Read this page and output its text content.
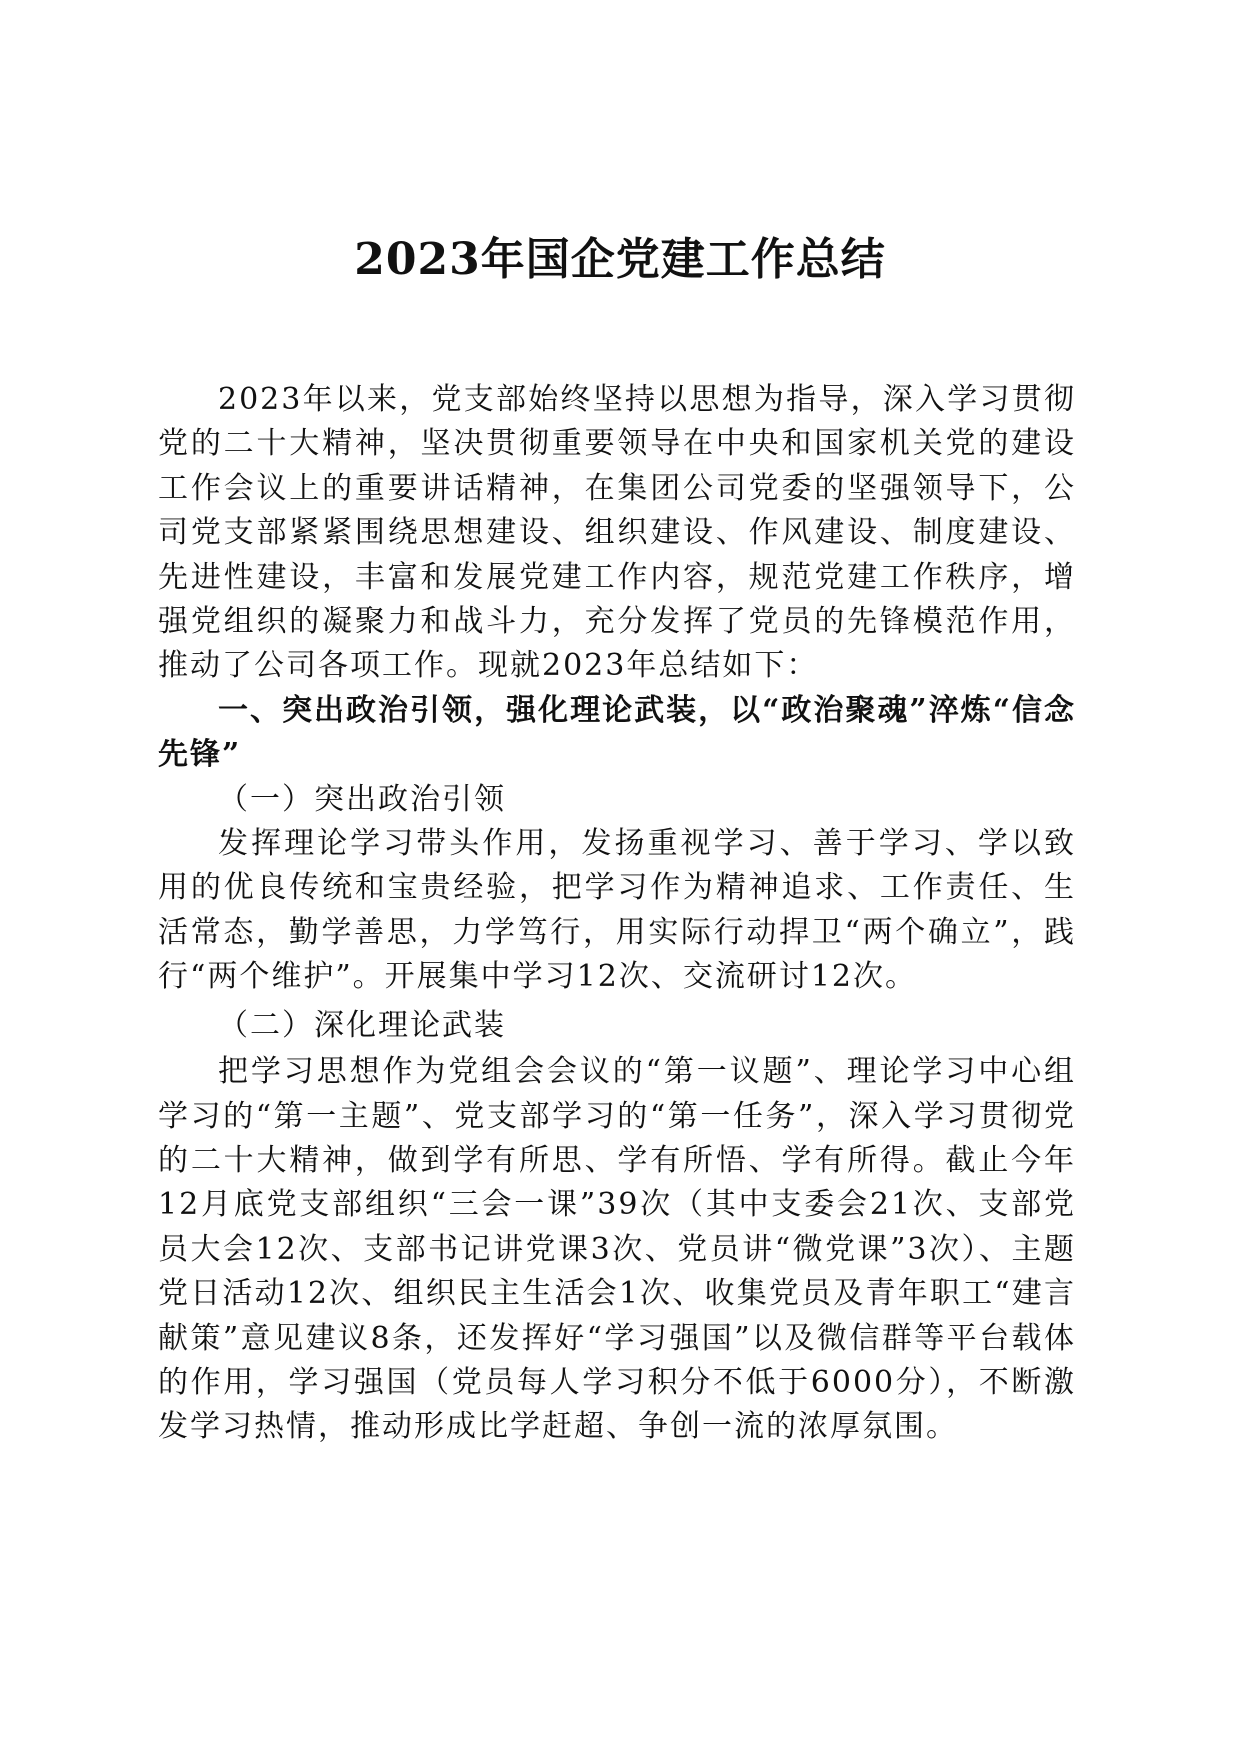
2023年国企党建工作总结

2023年以来，党支部始终坚持以思想为指导，深入学习贯彻党的二十大精神，坚决贯彻重要领导在中央和国家机关党的建设工作会议上的重要讲话精神，在集团公司党委的坚强领导下，公司党支部紧紧围绕思想建设、组织建设、作风建设、制度建设、先进性建设，丰富和发展党建工作内容，规范党建工作秩序，增强党组织的凝聚力和战斗力，充分发挥了党员的先锋模范作用，推动了公司各项工作。现就2023年总结如下：

一、突出政治引领，强化理论武装，以“政治聚魂”淬炼“信念先锋”
（一）突出政治引领

发挥理论学习带头作用，发扬重视学习、善于学习、学以致用的优良传统和宝贵经验，把学习作为精神追求、工作责任、生活常态，勤学善思，力学笃行，用实际行动捍卫“两个确立”，践行“两个维护”。开展集中学习12次、交流研讨12次。

（二）深化理论武装

把学习思想作为党组会会议的“第一议题”、理论学习中心组学习的“第一主题”、党支部学习的“第一任务”，深入学习贯彻党的二十大精神，做到学有所思、学有所悟、学有所得。截止今年12月底党支部组织“三会一课”39次（其中支委会21次、支部党员大会12次、支部书记讲党课3次、党员讲“微党课”3次）、主题党日活动12次、组织民主生活会1次、收集党员及青年职工“建言献策”意见建议8条，还发挥好“学习强国”以及微信群等平台载体的作用，学习强国（党员每人学习积分不低于6000分），不断激发学习热情，推动形成比学赶超、争创一流的浓厚氛围。
